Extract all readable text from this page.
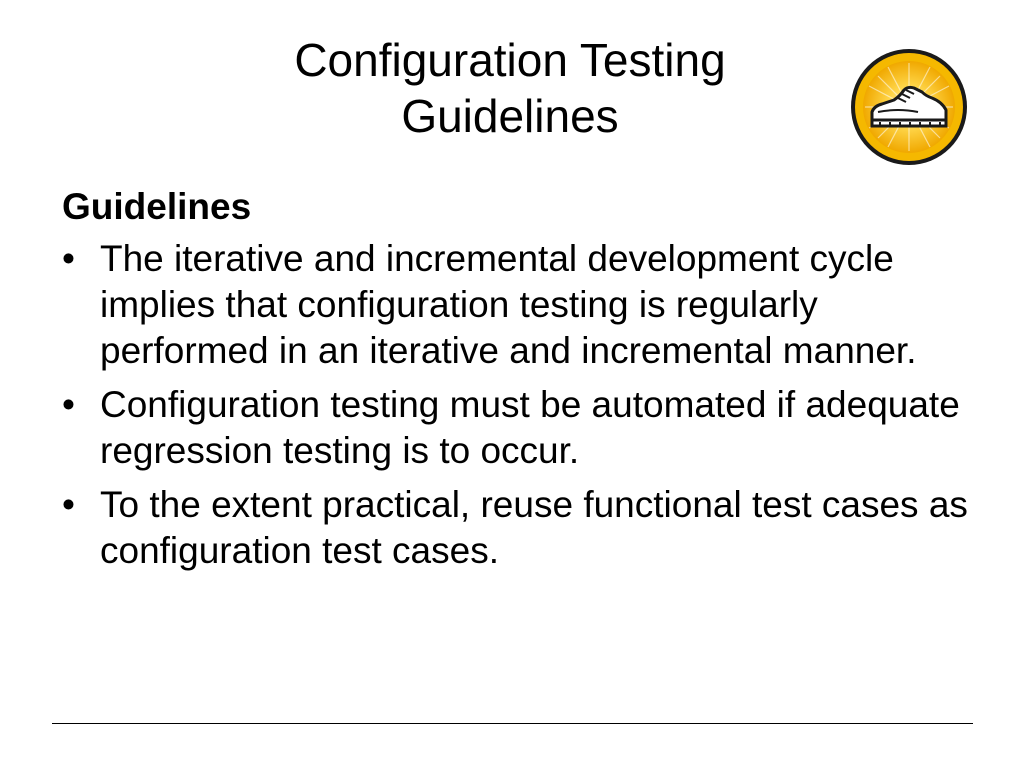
Configuration Testing
Guidelines
Guidelines
• The iterative and incremental development cycle implies that configuration testing is regularly performed in an iterative and incremental manner.
• Configuration testing must be automated if adequate regression testing is to occur.
• To the extent practical, reuse functional test cases as configuration test cases.
